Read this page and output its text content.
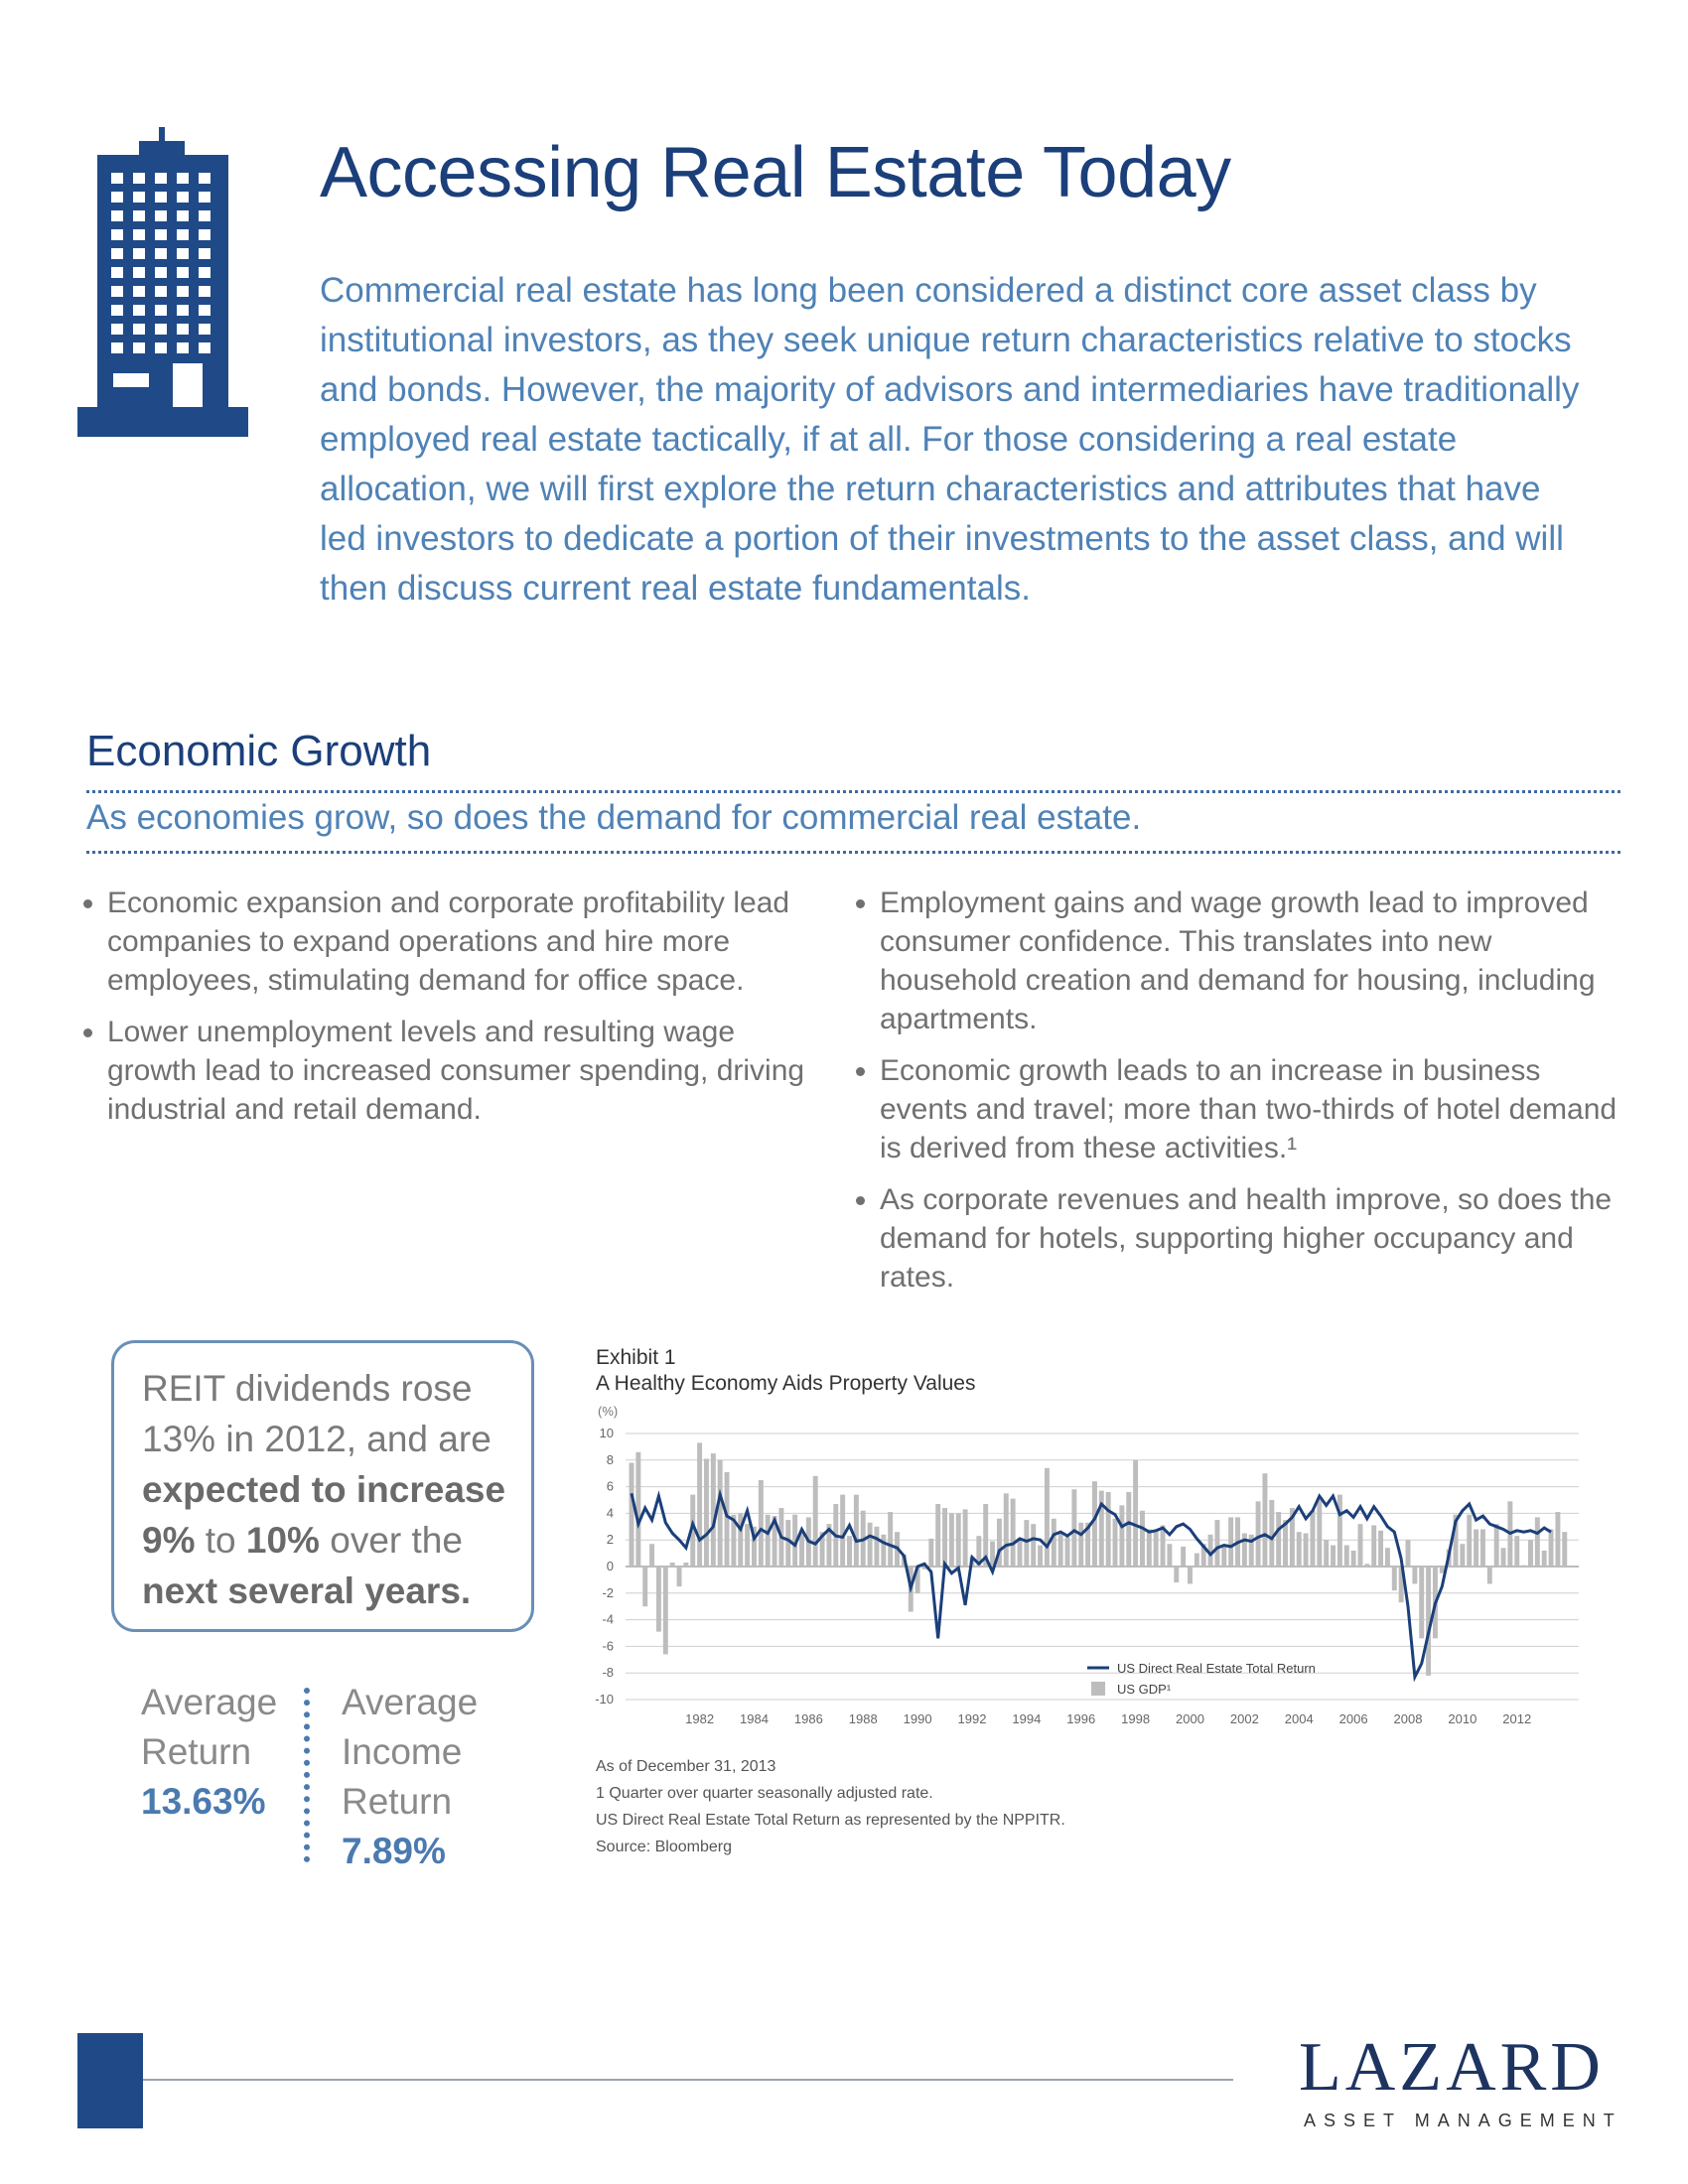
Accessing Real Estate Today

Commercial real estate has long been considered a distinct core asset class by institutional investors, as they seek unique return characteristics relative to stocks and bonds. However, the majority of advisors and intermediaries have traditionally employed real estate tactically, if at all. For those considering a real estate allocation, we will first explore the return characteristics and attributes that have led investors to dedicate a portion of their investments to the asset class, and will then discuss current real estate fundamentals.

Economic Growth
As economies grow, so does the demand for commercial real estate.
Economic expansion and corporate profitability lead companies to expand operations and hire more employees, stimulating demand for office space.
Lower unemployment levels and resulting wage growth lead to increased consumer spending, driving industrial and retail demand.
Employment gains and wage growth lead to improved consumer confidence. This translates into new household creation and demand for housing, including apartments.
Economic growth leads to an increase in business events and travel; more than two-thirds of hotel demand is derived from these activities.¹
As corporate revenues and health improve, so does the demand for hotels, supporting higher occupancy and rates.
REIT dividends rose
13% in 2012, and are
expected to increase
9% to 10% over the
next several years.
Average
Return
13.63%
Average
Income
Return
7.89%
Exhibit 1
A Healthy Economy Aids Property Values
(%)
10
8
6
4
2
0
-2
-4
-6
-8
-10
1982 1984 1986 1988 1990 1992 1994 1996 1998 2000 2002 2004 2006 2008 2010 2012
US Direct Real Estate Total Return
US GDP¹
As of December 31, 2013
1 Quarter over quarter seasonally adjusted rate.
US Direct Real Estate Total Return as represented by the NPPITR.
Source: Bloomberg
LAZARD
ASSET MANAGEMENT
